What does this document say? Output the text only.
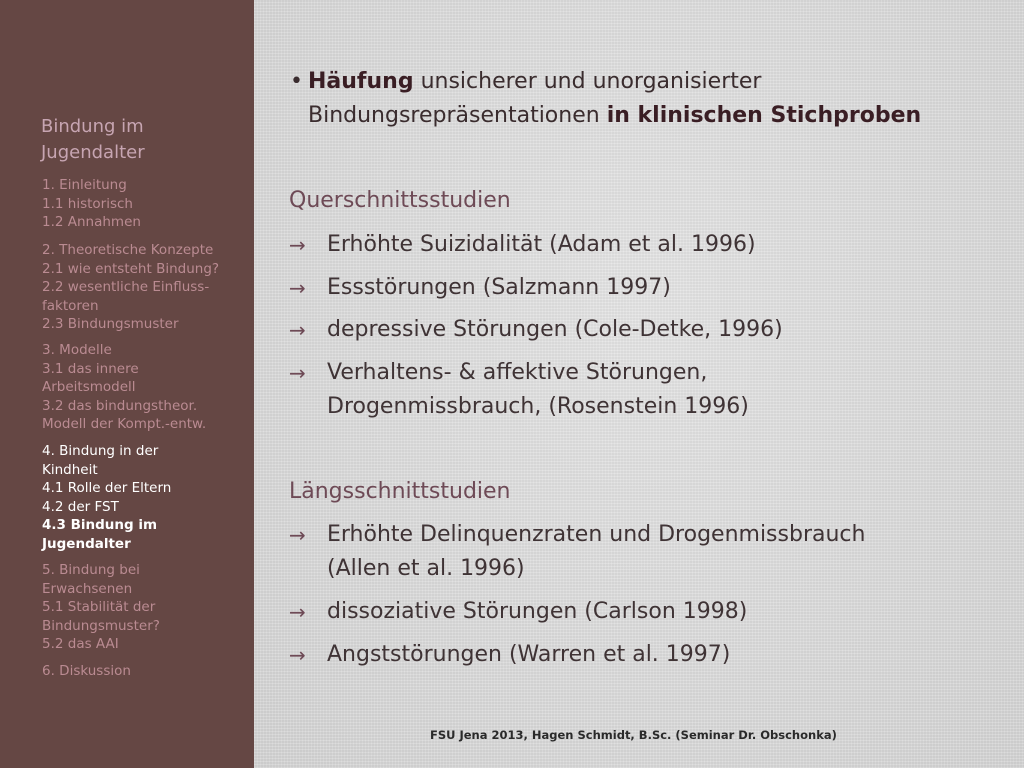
Bindung im
Jugendalter
1. Einleitung
1.1 historisch
1.2 Annahmen
2. Theoretische Konzepte
2.1 wie entsteht Bindung?
2.2 wesentliche Einfluss-
faktoren
2.3 Bindungsmuster
3. Modelle
3.1 das innere
Arbeitsmodell
3.2 das bindungstheor.
Modell der Kompt.-entw.
4. Bindung in der
Kindheit
4.1 Rolle der Eltern
4.2 der FST
4.3 Bindung im
Jugendalter
5. Bindung bei
Erwachsenen
5.1 Stabilität der
Bindungsmuster?
5.2 das AAI
6. Diskussion
• Häufung unsicherer und unorganisierter
Bindungsrepräsentationen in klinischen Stichproben
Querschnittsstudien
→ Erhöhte Suizidalität (Adam et al. 1996)
→ Essstörungen (Salzmann 1997)
→ depressive Störungen (Cole-Detke, 1996)
→ Verhaltens- & affektive Störungen,
Drogenmissbrauch, (Rosenstein 1996)
Längsschnittstudien
→ Erhöhte Delinquenzraten und Drogenmissbrauch
(Allen et al. 1996)
→ dissoziative Störungen (Carlson 1998)
→ Angststörungen (Warren et al. 1997)
FSU Jena 2013, Hagen Schmidt, B.Sc. (Seminar Dr. Obschonka)
